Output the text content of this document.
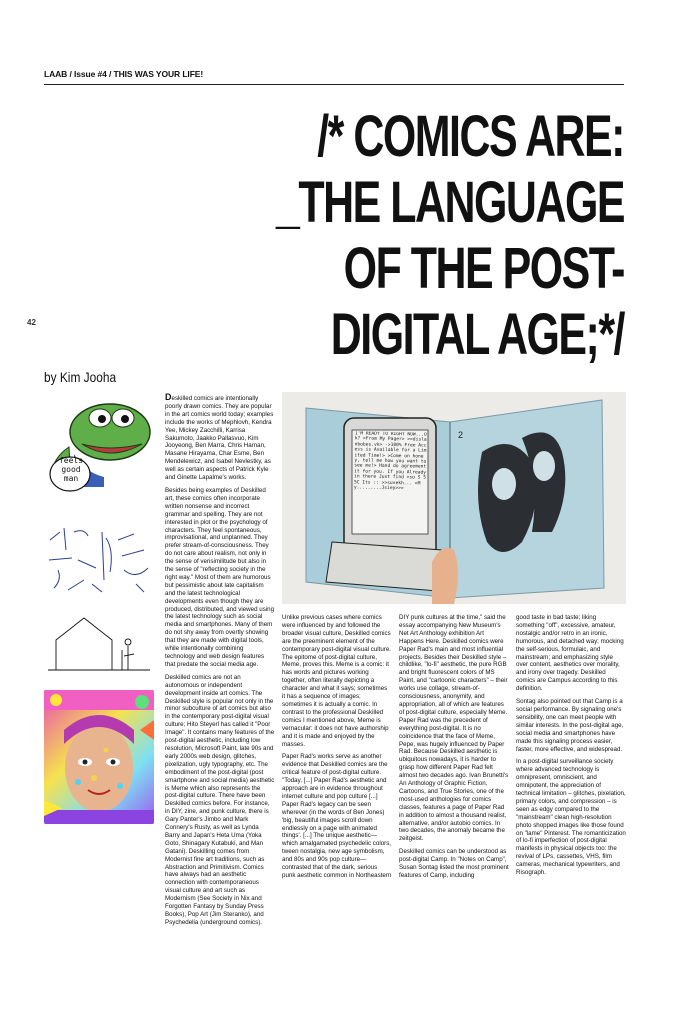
LAAB / Issue #4 / THIS WAS YOUR LIFE!
/* COMICS ARE:
_THE LANGUAGE
OF THE POST-
DIGITAL AGE;*/
42
by Kim Jooha
feels good man
2
I'M READY TO RIGHT NOW...Ok? >From My Pager> >>dislanbobes.vk> ->100% Free Access is Available for a Limited Time!> >Come on honey, tell me how you want to see me!> Hand do agreement it for you. If you Already in there Just find >so S 55C Its :: >>suvekh... >My.........Jsiey>>>

Deskilled comics are intentionally poorly drawn comics. They are popular in the art comics world today; examples include the works of Mephlovh, Kendra Yee, Mickey Zacchilli, Karrisa Sakumoto, Jaakko Pallasvuo, Kim Jooyeong, Ben Marra, Chris Harnan, Masane Hirayama, Char Esme, Ben Mendelewicz, and Isabel Nevlestky, as well as certain aspects of Patrick Kyle and Ginette Lapalme's works.

Besides being examples of Deskilled art, these comics often incorporate written nonsense and incorrect grammar and spelling. They are not interested in plot or the psychology of characters. They feel spontaneous, improvisational, and unplanned. They prefer stream-of-consciousness. They do not care about realism, not only in the sense of verisimilitude but also in the sense of "reflecting society in the right way." Most of them are humorous but pessimistic about late capitalism and the latest technological developments even though they are produced, distributed, and viewed using the latest technology such as social media and smartphones. Many of them do not shy away from overtly showing that they are made with digital tools, while intentionally combining technology and web design features that predate the social media age.

Deskilled comics are not an autonomous or independent development inside art comics. The Deskilled style is popular not only in the minor subculture of art comics but also in the contemporary post-digital visual culture; Hito Steyerl has called it "Poor Image". It contains many features of the post-digital aesthetic, including low resolution, Microsoft Paint, late 90s and early 2000s web design, glitches, pixelization, ugly typography, etc. The embodiment of the post-digital (post smartphone and social media) aesthetic is Meme which also represents the post-digital culture. There have been Deskilled comics before. For instance, in DIY, zine, and punk culture, there is Gary Panter's Jimbo and Mark Connery's Rusty, as well as Lynda Barry and Japan's Heta Uma (Yoka Goto, Shinagary Kutabuki, and Man Gatani). Deskilling comes from Modernist fine art traditions, such as Abstraction and Primitivism. Comics have always had an aesthetic connection with contemporaneous visual culture and art such as Modernism (See Society in Nix and Forgotten Fantasy by Sunday Press Books), Pop Art (Jim Steranko), and Psychedelia (underground comics).

Unlike previous cases where comics were influenced by and followed the broader visual culture, Deskilled comics are the preeminent element of the contemporary post-digital visual culture. The epitome of post-digital culture, Meme, proves this. Meme is a comic: it has words and pictures working together, often literally depicting a character and what it says; sometimes it has a sequence of images; sometimes it is actually a comic. In contrast to the professional Deskilled comics I mentioned above, Meme is vernacular: it does not have authorship and it is made and enjoyed by the masses.

Paper Rad's works serve as another evidence that Deskilled comics are the critical feature of post-digital culture. "Today, [...] Paper Rad's aesthetic and approach are in evidence throughout internet culture and pop culture [...] Paper Rad's legacy can be seen wherever (in the words of Ben Jones) 'big, beautiful images scroll down endlessly on a page with animated things'. [...] The unique aesthetic—which amalgamated psychedelic colors, tween nostalgia, new age symbolism, and 80s and 90s pop culture—contrasted that of the dark, serious punk aesthetic common in Northeastern

DIY punk cultures at the time," said the essay accompanying New Museum's Net Art Anthology exhibition Art Happens Here. Deskilled comics were Paper Rad's main and most influential projects. Besides their Deskilled style – childlike, "lo-fi" aesthetic, the pure RGB and bright fluorescent colors of MS Paint, and "cartoonic characters" – their works use collage, stream-of-consciousness, anonymity, and appropriation, all of which are features of post-digital culture, especially Meme. Paper Rad was the precedent of everything post-digital. It is no coincidence that the face of Meme, Pepe, was hugely influenced by Paper Rad. Because Deskilled aesthetic is ubiquitous nowadays, it is harder to grasp how different Paper Rad felt almost two decades ago. Ivan Brunetti's An Anthology of Graphic Fiction, Cartoons, and True Stories, one of the most-used anthologies for comics classes, features a page of Paper Rad in addition to almost a thousand realist, alternative, and/or autobio comics. In two decades, the anomaly became the zeitgeist.

Deskilled comics can be understood as post-digital Camp. In "Notes on Camp", Susan Sontag listed the most prominent features of Camp, including

good taste in bad taste; liking something "off", excessive, amateur, nostalgic and/or retro in an ironic, humorous, and detached way; mocking the self-serious, formulaic, and mainstream; and emphasizing style over content, aesthetics over morality, and irony over tragedy. Deskilled comics are Campus according to this definition.

Sontag also pointed out that Camp is a social performance. By signaling one's sensibility, one can meet people with similar interests. In the post-digital age, social media and smartphones have made this signaling process easier, faster, more effective, and widespread.

In a post-digital surveillance society where advanced technology is omnipresent, omniscient, and omnipotent, the appreciation of technical limitation – glitches, pixelation, primary colors, and compression – is seen as edgy compared to the "mainstream" clean high-resolution photo shopped images like those found on "lame" Pinterest. The romanticization of lo-fi imperfection of post-digital manifests in physical objects too: the revival of LPs, cassettes, VHS, film cameras, mechanical typewriters, and Risograph.
